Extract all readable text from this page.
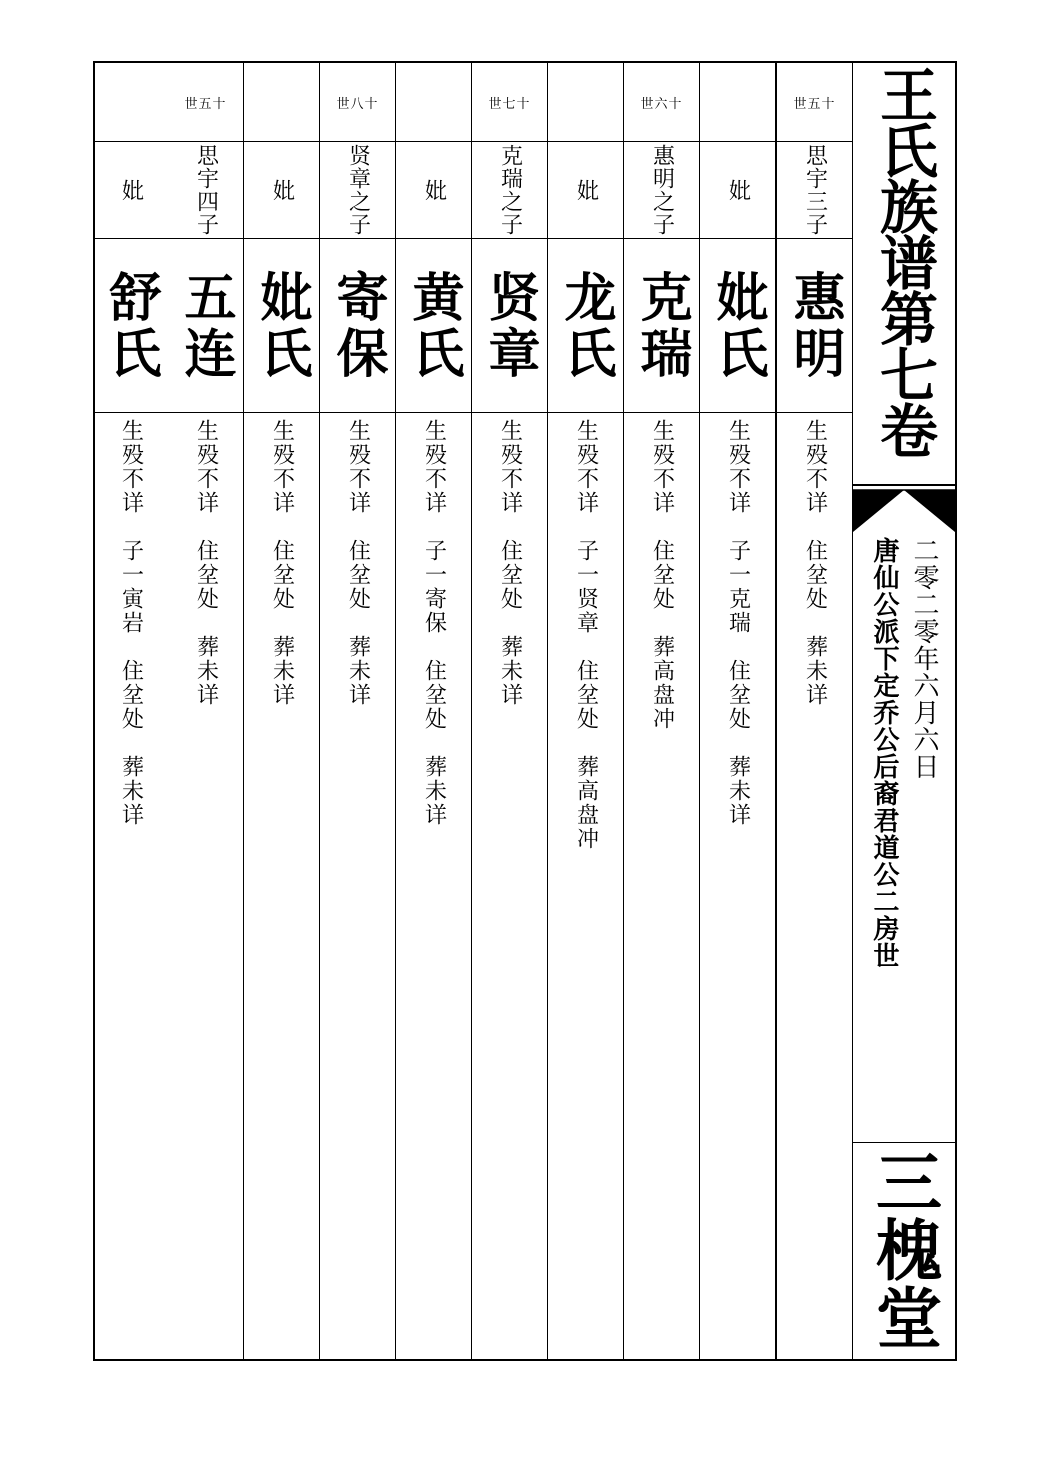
王氏族谱第七卷
唐仙公派下定乔公后裔君道公二房世 二零二零年六月六日
三槐堂
世五十
思宇三子
惠明
生殁不详　住坌处　葬未详
妣
妣氏
生殁不详　子一克瑞　住坌处　葬未详
世六十
惠明之子
克瑞
生殁不详　住坌处　葬高盘冲
妣
龙氏
生殁不详　子一贤章　住坌处　葬高盘冲
世七十
克瑞之子
贤章
生殁不详　住坌处　葬未详
妣
黄氏
生殁不详　子一寄保　住坌处　葬未详
世八十
贤章之子
寄保
生殁不详　住坌处　葬未详
妣
妣氏
生殁不详　住坌处　葬未详
世五十
思宇四子
五连
生殁不详　住坌处　葬未详
妣
舒氏
生殁不详　子一寅岩　住坌处　葬未详
